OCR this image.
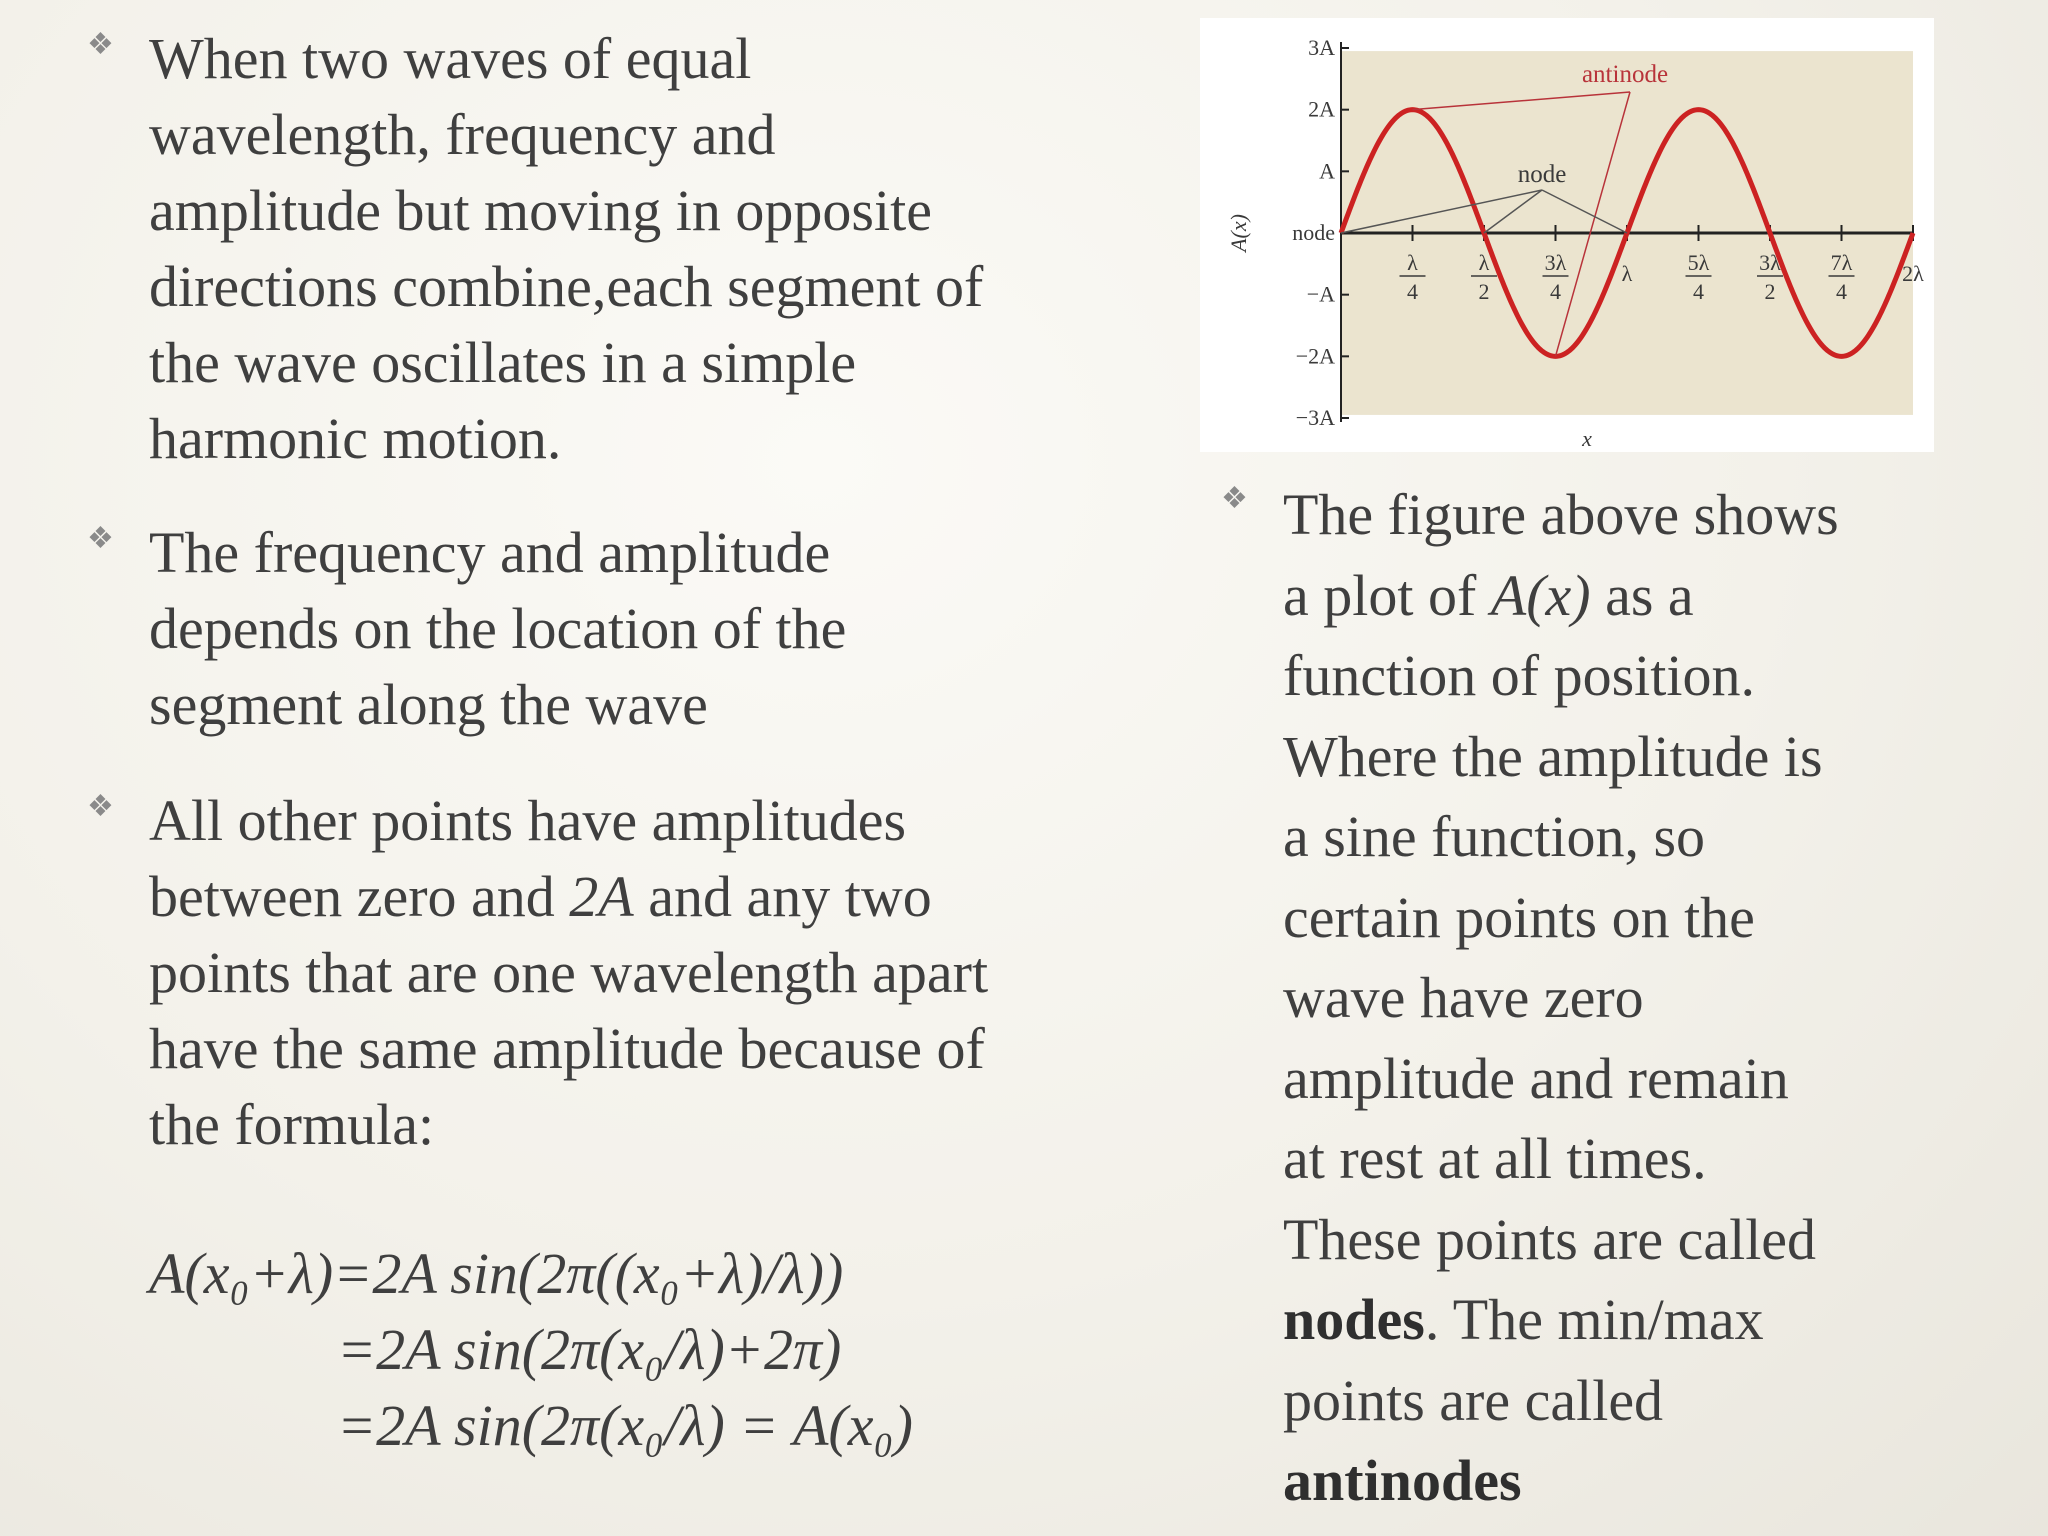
❖ When two waves of equal
wavelength, frequency and
amplitude but moving in opposite
directions combine,each segment of
the wave oscillates in a simple
harmonic motion.

❖ The frequency and amplitude
depends on the location of the
segment along the wave

❖ All other points have amplitudes
between zero and 2A and any two
points that are one wavelength apart
have the same amplitude because of
the formula:

A(x₀+λ)=2A sin(2π((x₀+λ)/λ))
=2A sin(2π(x₀/λ)+2π)
=2A sin(2π(x₀/λ) = A(x₀)
3A
2A
A
node
−A
−2A
−3A
λ
4
λ
2
3λ
4
λ	5λ
4
3λ
2
7λ
4
2λ
A(x)
x
antinode
node
❖ The figure above shows
a plot of A(x) as a
function of position.
Where the amplitude is
a sine function, so
certain points on the
wave have zero
amplitude and remain
at rest at all times.
These points are called
nodes. The min/max
points are called
antinodes
